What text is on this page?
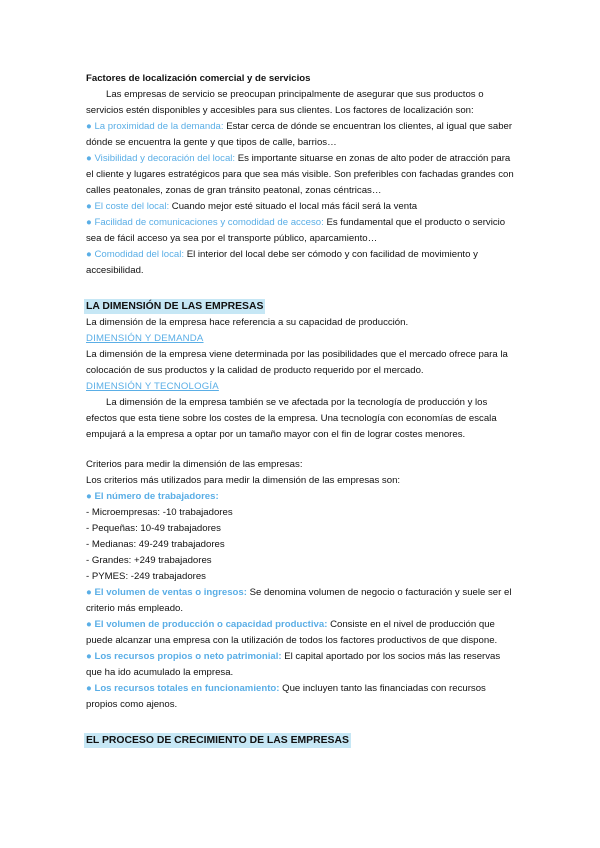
Factores de localización comercial y de servicios

Las empresas de servicio se preocupan principalmente de asegurar que sus productos o servicios estén disponibles y accesibles para sus clientes. Los factores de localización son:

● La proximidad de la demanda: Estar cerca de dónde se encuentran los clientes, al igual que saber dónde se encuentra la gente y que tipos de calle, barrios…

● Visibilidad y decoración del local: Es importante situarse en zonas de alto poder de atracción para el cliente y lugares estratégicos para que sea más visible. Son preferibles con fachadas grandes con calles peatonales, zonas de gran tránsito peatonal, zonas céntricas…

● El coste del local: Cuando mejor esté situado el local más fácil será la venta

● Facilidad de comunicaciones y comodidad de acceso: Es fundamental que el producto o servicio sea de fácil acceso ya sea por el transporte público, aparcamiento…

● Comodidad del local: El interior del local debe ser cómodo y con facilidad de movimiento y accesibilidad.

LA DIMENSIÓN DE LAS EMPRESAS

La dimensión de la empresa hace referencia a su capacidad de producción.

DIMENSIÓN Y DEMANDA

La dimensión de la empresa viene determinada por las posibilidades que el mercado ofrece para la colocación de sus productos y la calidad de producto requerido por el mercado.

DIMENSIÓN Y TECNOLOGÍA

La dimensión de la empresa también se ve afectada por la tecnología de producción y los efectos que esta tiene sobre los costes de la empresa. Una tecnología con economías de escala empujará a la empresa a optar por un tamaño mayor con el fin de lograr costes menores.

Criterios para medir la dimensión de las empresas:

Los criterios más utilizados para medir la dimensión de las empresas son:

● El número de trabajadores:

- Microempresas: -10 trabajadores

- Pequeñas: 10-49 trabajadores

- Medianas: 49-249 trabajadores

- Grandes: +249 trabajadores

- PYMES: -249 trabajadores

● El volumen de ventas o ingresos: Se denomina volumen de negocio o facturación y suele ser el criterio más empleado.

● El volumen de producción o capacidad productiva: Consiste en el nivel de producción que puede alcanzar una empresa con la utilización de todos los factores productivos de que dispone.

● Los recursos propios o neto patrimonial: El capital aportado por los socios más las reservas que ha ido acumulado la empresa.

● Los recursos totales en funcionamiento: Que incluyen tanto las financiadas con recursos propios como ajenos.

EL PROCESO DE CRECIMIENTO DE LAS EMPRESAS
